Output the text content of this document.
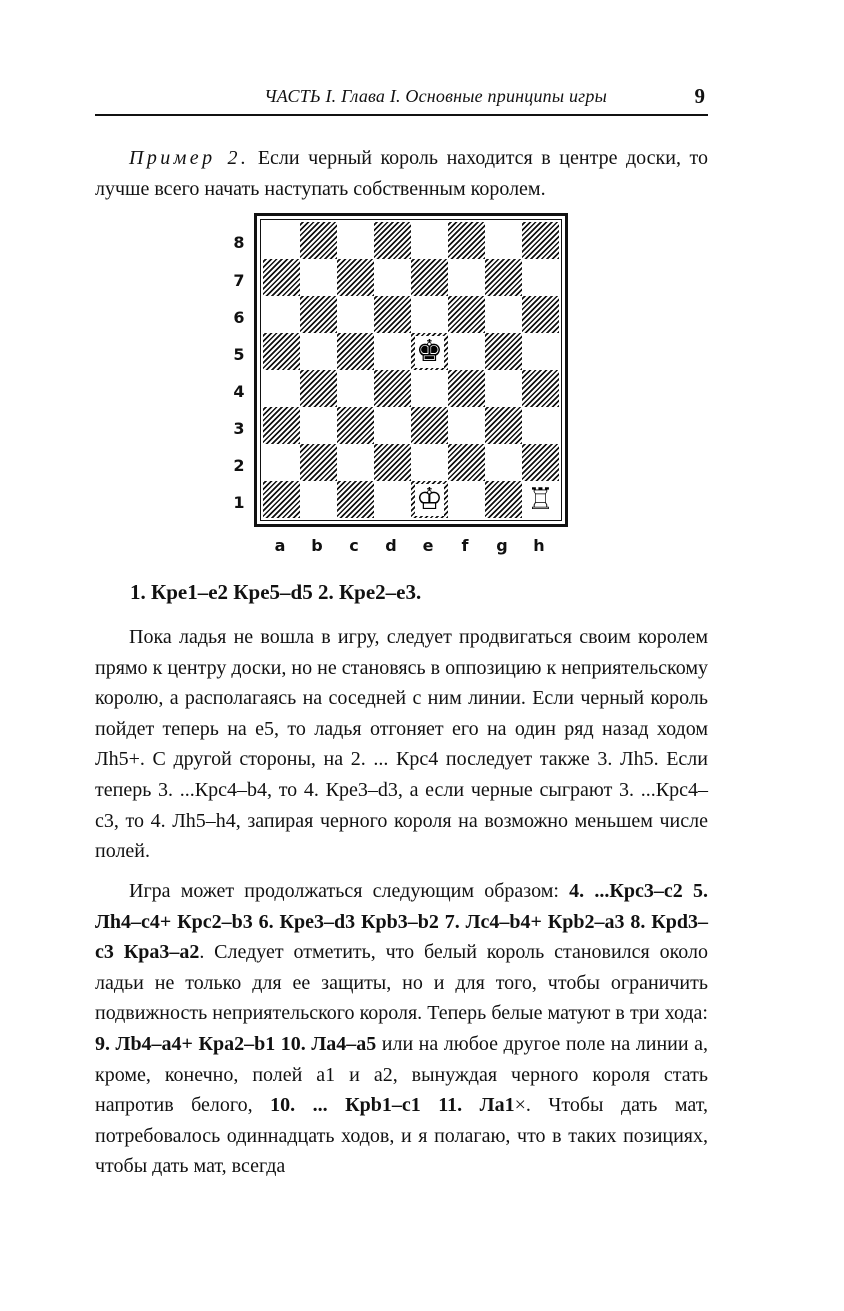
ЧАСТЬ I. Глава I. Основные принципы игры	9
Пример 2. Если черный король находится в центре доски, то лучше всего начать наступать собственным королем.
8
7
6
5
4
3
2
1
♚
♔	♖
a b	c	d e	f	g h
1. Крe1–e2 Крe5–d5 2. Крe2–e3.
Пока ладья не вошла в игру, следует продвигаться своим королем прямо к центру доски, но не становясь в оппозицию к неприятельскому королю, а располагаясь на соседней с ним линии. Если черный король пойдет теперь на e5, то ладья отгоняет его на один ряд назад ходом Лh5+. С другой стороны, на 2. ... Крc4 последует также 3. Лh5. Если теперь 3. ...Крc4–b4, то 4. Крe3–d3, а если черные сыграют 3. ...Крc4–c3, то 4. Лh5–h4, запирая черного короля на возможно меньшем числе полей.
Игра может продолжаться следующим образом: 4. ...Крc3–c2 5. Лh4–c4+ Крc2–b3 6. Крe3–d3 Крb3–b2 7. Лc4–b4+ Крb2–a3 8. Крd3–c3 Крa3–a2. Следует отметить, что белый король становился около ладьи не только для ее защиты, но и для того, чтобы ограничить подвижность неприятельского короля. Теперь белые матуют в три хода: 9. Лb4–a4+ Крa2–b1 10. Лa4–a5 или на любое другое поле на линии a, кроме, конечно, полей a1 и a2, вынуждая черного короля стать напротив белого, 10. ... Крb1–c1 11. Лa1×. Чтобы дать мат, потребовалось одиннадцать ходов, и я полагаю, что в таких позициях, чтобы дать мат, всегда
